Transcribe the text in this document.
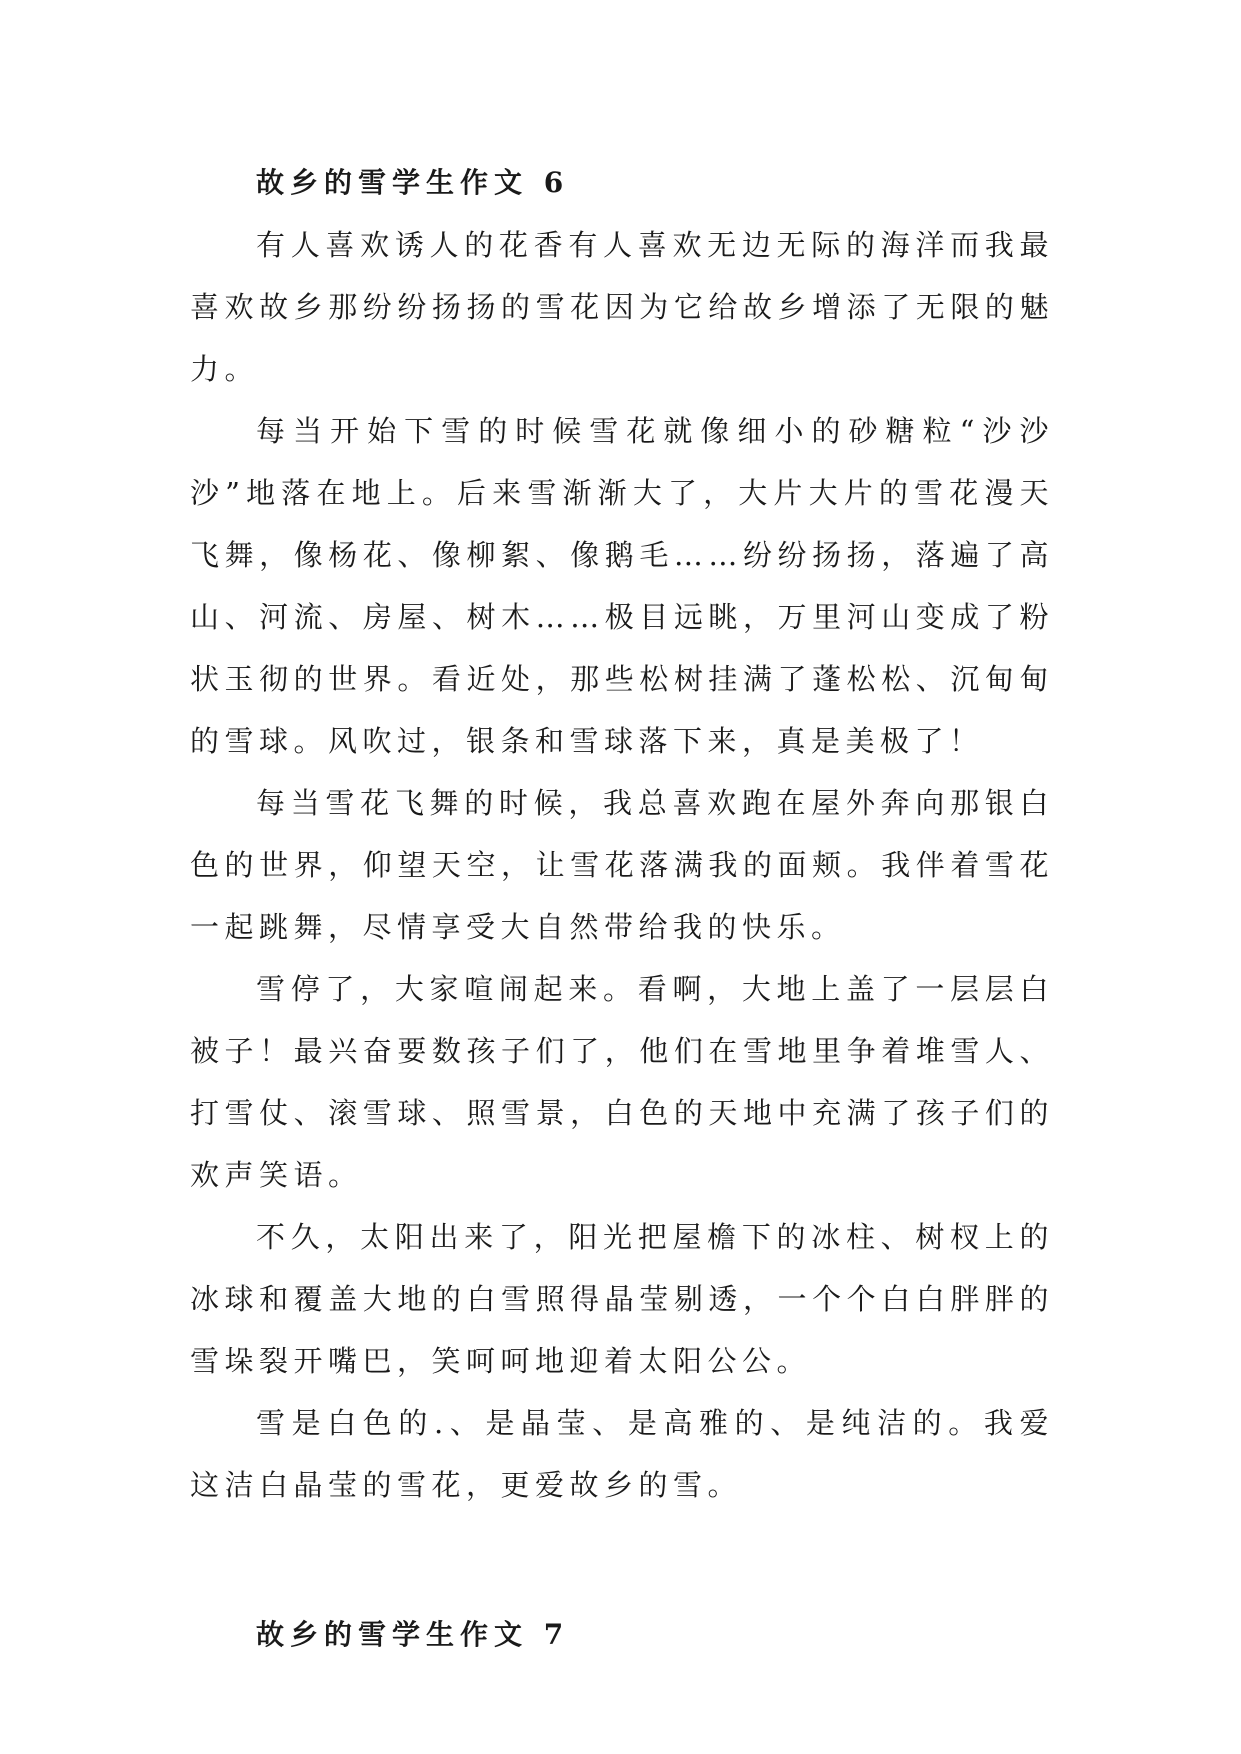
故乡的雪学生作文 6

有人喜欢诱人的花香有人喜欢无边无际的海洋而我最喜欢故乡那纷纷扬扬的雪花因为它给故乡增添了无限的魅力。

每当开始下雪的时候雪花就像细小的砂糖粒“沙沙沙”地落在地上。后来雪渐渐大了，大片大片的雪花漫天飞舞，像杨花、像柳絮、像鹅毛……纷纷扬扬，落遍了高山、河流、房屋、树木……极目远眺，万里河山变成了粉状玉彻的世界。看近处，那些松树挂满了蓬松松、沉甸甸的雪球。风吹过，银条和雪球落下来，真是美极了！

每当雪花飞舞的时候，我总喜欢跑在屋外奔向那银白色的世界，仰望天空，让雪花落满我的面颊。我伴着雪花一起跳舞，尽情享受大自然带给我的快乐。

雪停了，大家喧闹起来。看啊，大地上盖了一层层白被子！最兴奋要数孩子们了，他们在雪地里争着堆雪人、打雪仗、滚雪球、照雪景，白色的天地中充满了孩子们的欢声笑语。

不久，太阳出来了，阳光把屋檐下的冰柱、树杈上的冰球和覆盖大地的白雪照得晶莹剔透，一个个白白胖胖的雪垛裂开嘴巴，笑呵呵地迎着太阳公公。

雪是白色的.、是晶莹、是高雅的、是纯洁的。我爱这洁白晶莹的雪花，更爱故乡的雪。

故乡的雪学生作文 7
